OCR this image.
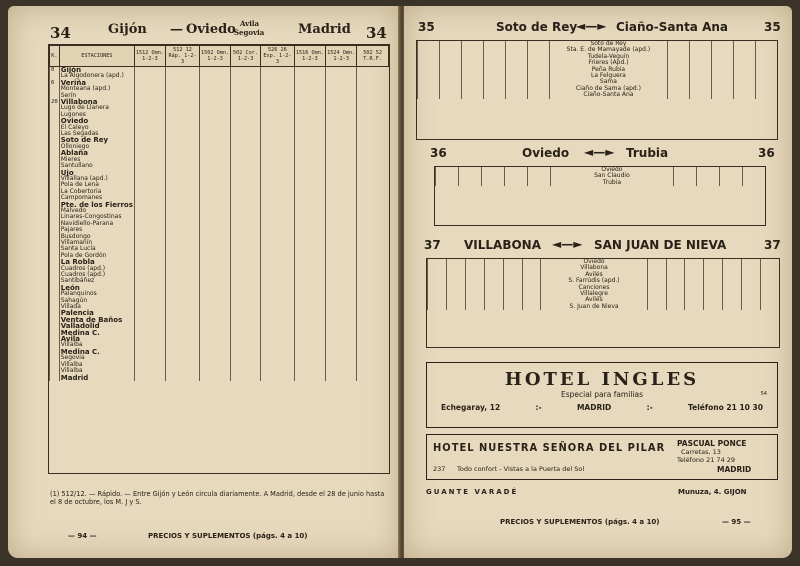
34	Gijón — Oviedo Avila
Segovia	Madrid 34
K.	ESTACIONES	1512 Omn. 1-2-3	512 12 Ráp. 1-2-3	1502 Omn. 1-2-3	502 Cor. 1-2-3	526 26 Exp. 1-2-3	1516 Omn. 1-2-3	1524 Omn. 1-2-3	502 52 T.R.F.
0	Gijón								
	La Algodonera (apd.)								
6	Veriña								
	Monteana (apd.)								
	Serín								
20	Villabona								
	Lugo de Llanera								
	Lugones								
	Oviedo								
	El Caleyo								
	Las Segadas								
	Soto de Rey								
	Olloniego								
	Ablaña								
	Mieres								
	Santullano								
	Ujo								
	Villallana (apd.)								
	Pola de Lena								
	La Cobertoria								
	Campomanes								
	Pte. de los Fierros								
	Malvedo								
	Linares-Congostinas								
	Navidiello-Parana								
	Pajares								
	Busdongo								
	Villamanín								
	Santa Lucía								
	Pola de Gordón								
	La Robla								
	Cuadros (apd.)								
	Cuadros (apd.)								
	Santibáñez								
	León								
	Palanquinos								
	Sahagún								
	Villada								
	Palencia								
	Venta de Baños								
	Valladolid								
	Medina C.								
	Avila								
	Villalba								
	Medina C.								
	Segovia								
	Villalba								
	Villalba								
	Madrid								
(1) 512/12. — Rápido. — Entre Gijón y León circula diariamente. A Madrid, desde el 28 de junio hasta el 8 de octubre, los M. J y S.
— 94 —	PRECIOS Y SUPLEMENTOS (págs. 4 a 10)
35	Soto de Rey
◄—► Ciaño-Santa Ana	35
						Soto de Rey					
						Sta. E. de Mamayade (apd.)					
						Tudela-Veguín					
						Frieres (Apd.)					
						Peña Rubia					
						La Felguera					
						Sama					
						Ciaño de Sama (apd.)					
						Ciaño-Santa Ana					
36	Oviedo ◄—► Trubia	36
					Oviedo				
					San Claudio				
					Trubia				
37 VILLABONA ◄—► SAN JUAN DE NIEVA	37
						Oviedo							
						Villabona							
						Avilés							
						S. Farrúdis (apd.)							
						Canciones							
						Villalegre							
						Avilés							
						S. Juan de Nieva							
HOTEL INGLES
Especial para familias	54
Echegaray, 12	:-	MADRID	:-	Teléfono 21 10 30
HOTEL NUESTRA SEÑORA DEL PILAR PASCUAL PONCE
Carretas, 13
Teléfono 21 74 29
237 Todo confort - Vistas a la Puerta del Sol	MADRID
GUANTE VARADÉ	Munuza, 4. GIJON
PRECIOS Y SUPLEMENTOS (págs. 4 a 10)	— 95 —
